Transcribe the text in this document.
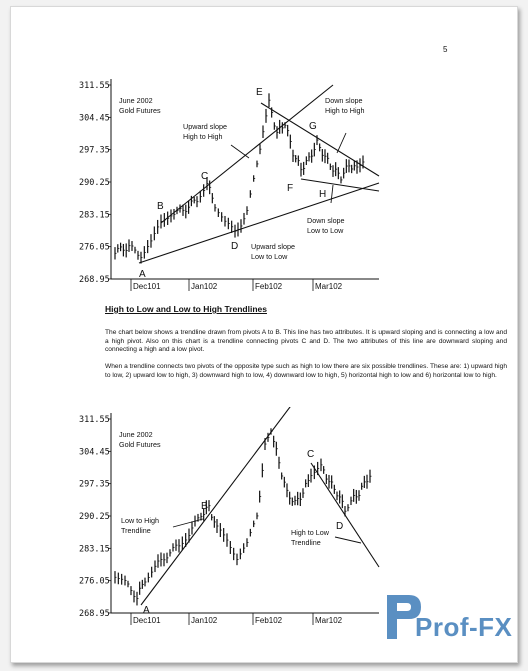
5
311.55
304.45
297.35
290.25
283.15
276.05
268.95
Dec101	Jan102	Feb102	Mar102
June 2002
Gold Futures
Upward slope
High to High
Down slope
High to High
Down slope
Low to Low
Upward slope
Low to Low
A
B
C
D
E
F
G
H
High to Low and Low to High Trendlines

The chart below shows a trendline drawn from pivots A to B. This line has two attributes. It is upward sloping and is connecting a low and a high pivot. Also on this chart is a trendline connecting pivots C and D. The two attributes of this line are downward sloping and connecting a high and a low pivot.

When a trendline connects two pivots of the opposite type such as high to low there are six possible trendlines. These are: 1) upward high to low, 2) upward low to high, 3) downward high to low, 4) downward low to high, 5) horizontal high to low and 6) horizontal low to high.

311.55
304.45
297.35
290.25
283.15
276.05
268.95
Dec101	Jan102	Feb102	Mar102
June 2002
Gold Futures
Low to High
Trendline	High to Low
Trendline
A
B
C
D
Prof-FX
